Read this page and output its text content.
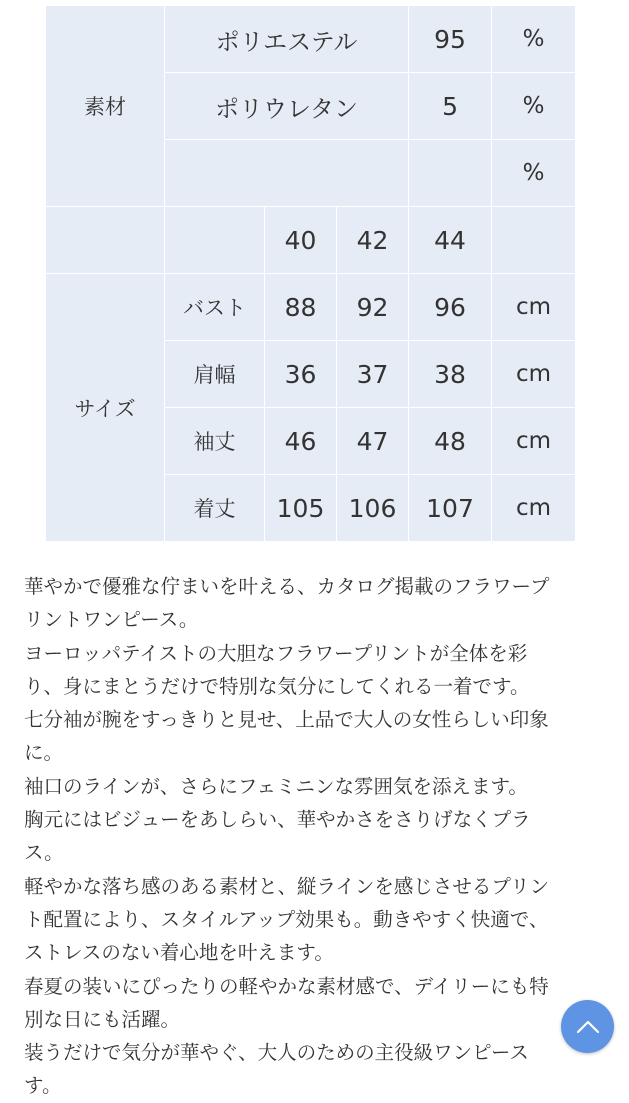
素材	ポリエステル			95	%
	ポリウレタン			5	%
					%
		40	42	44	
サイズ	バスト	88	92	96	cm
	肩幅	36	37	38	cm
	袖丈	46	47	48	cm
	着丈	105	106	107	cm

華やかで優雅な佇まいを叶える、カタログ掲載のフラワープ
リントワンピース。

ヨーロッパテイストの大胆なフラワープリントが全体を彩
り、身にまとうだけで特別な気分にしてくれる一着です。

七分袖が腕をすっきりと見せ、上品で大人の女性らしい印象
に。

袖口のラインが、さらにフェミニンな雰囲気を添えます。

胸元にはビジューをあしらい、華やかさをさりげなくプラ
ス。

軽やかな落ち感のある素材と、縦ラインを感じさせるプリン
ト配置により、スタイルアップ効果も。動きやすく快適で、
ストレスのない着心地を叶えます。

春夏の装いにぴったりの軽やかな素材感で、デイリーにも特
別な日にも活躍。

装うだけで気分が華やぐ、大人のための主役級ワンピース
す。
